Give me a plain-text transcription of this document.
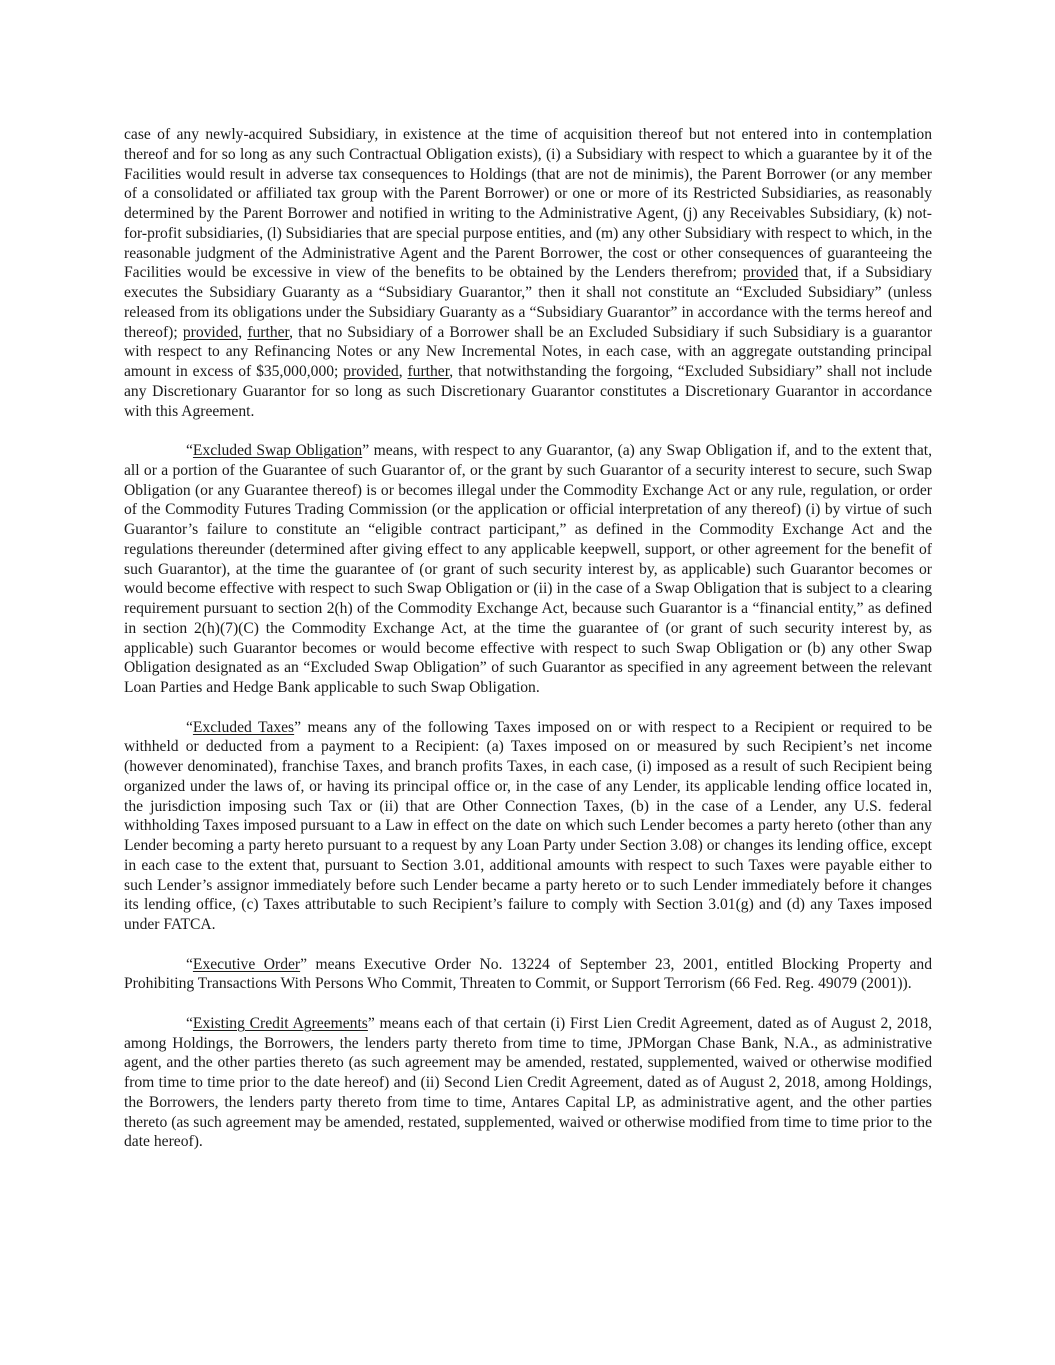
case of any newly-acquired Subsidiary, in existence at the time of acquisition thereof but not entered into in contemplation thereof and for so long as any such Contractual Obligation exists), (i) a Subsidiary with respect to which a guarantee by it of the Facilities would result in adverse tax consequences to Holdings (that are not de minimis), the Parent Borrower (or any member of a consolidated or affiliated tax group with the Parent Borrower) or one or more of its Restricted Subsidiaries, as reasonably determined by the Parent Borrower and notified in writing to the Administrative Agent, (j) any Receivables Subsidiary, (k) not-for-profit subsidiaries, (l) Subsidiaries that are special purpose entities, and (m) any other Subsidiary with respect to which, in the reasonable judgment of the Administrative Agent and the Parent Borrower, the cost or other consequences of guaranteeing the Facilities would be excessive in view of the benefits to be obtained by the Lenders therefrom; provided that, if a Subsidiary executes the Subsidiary Guaranty as a “Subsidiary Guarantor,” then it shall not constitute an “Excluded Subsidiary” (unless released from its obligations under the Subsidiary Guaranty as a “Subsidiary Guarantor” in accordance with the terms hereof and thereof); provided, further, that no Subsidiary of a Borrower shall be an Excluded Subsidiary if such Subsidiary is a guarantor with respect to any Refinancing Notes or any New Incremental Notes, in each case, with an aggregate outstanding principal amount in excess of $35,000,000; provided, further, that notwithstanding the forgoing, “Excluded Subsidiary” shall not include any Discretionary Guarantor for so long as such Discretionary Guarantor constitutes a Discretionary Guarantor in accordance with this Agreement.

“Excluded Swap Obligation” means, with respect to any Guarantor, (a) any Swap Obligation if, and to the extent that, all or a portion of the Guarantee of such Guarantor of, or the grant by such Guarantor of a security interest to secure, such Swap Obligation (or any Guarantee thereof) is or becomes illegal under the Commodity Exchange Act or any rule, regulation, or order of the Commodity Futures Trading Commission (or the application or official interpretation of any thereof) (i) by virtue of such Guarantor’s failure to constitute an “eligible contract participant,” as defined in the Commodity Exchange Act and the regulations thereunder (determined after giving effect to any applicable keepwell, support, or other agreement for the benefit of such Guarantor), at the time the guarantee of (or grant of such security interest by, as applicable) such Guarantor becomes or would become effective with respect to such Swap Obligation or (ii) in the case of a Swap Obligation that is subject to a clearing requirement pursuant to section 2(h) of the Commodity Exchange Act, because such Guarantor is a “financial entity,” as defined in section 2(h)(7)(C) the Commodity Exchange Act, at the time the guarantee of (or grant of such security interest by, as applicable) such Guarantor becomes or would become effective with respect to such Swap Obligation or (b) any other Swap Obligation designated as an “Excluded Swap Obligation” of such Guarantor as specified in any agreement between the relevant Loan Parties and Hedge Bank applicable to such Swap Obligation.

“Excluded Taxes” means any of the following Taxes imposed on or with respect to a Recipient or required to be withheld or deducted from a payment to a Recipient: (a) Taxes imposed on or measured by such Recipient’s net income (however denominated), franchise Taxes, and branch profits Taxes, in each case, (i) imposed as a result of such Recipient being organized under the laws of, or having its principal office or, in the case of any Lender, its applicable lending office located in, the jurisdiction imposing such Tax or (ii) that are Other Connection Taxes, (b) in the case of a Lender, any U.S. federal withholding Taxes imposed pursuant to a Law in effect on the date on which such Lender becomes a party hereto (other than any Lender becoming a party hereto pursuant to a request by any Loan Party under Section 3.08) or changes its lending office, except in each case to the extent that, pursuant to Section 3.01, additional amounts with respect to such Taxes were payable either to such Lender’s assignor immediately before such Lender became a party hereto or to such Lender immediately before it changes its lending office, (c) Taxes attributable to such Recipient’s failure to comply with Section 3.01(g) and (d) any Taxes imposed under FATCA.

“Executive Order” means Executive Order No. 13224 of September 23, 2001, entitled Blocking Property and Prohibiting Transactions With Persons Who Commit, Threaten to Commit, or Support Terrorism (66 Fed. Reg. 49079 (2001)).

“Existing Credit Agreements” means each of that certain (i) First Lien Credit Agreement, dated as of August 2, 2018, among Holdings, the Borrowers, the lenders party thereto from time to time, JPMorgan Chase Bank, N.A., as administrative agent, and the other parties thereto (as such agreement may be amended, restated, supplemented, waived or otherwise modified from time to time prior to the date hereof) and (ii) Second Lien Credit Agreement, dated as of August 2, 2018, among Holdings, the Borrowers, the lenders party thereto from time to time, Antares Capital LP, as administrative agent, and the other parties thereto (as such agreement may be amended, restated, supplemented, waived or otherwise modified from time to time prior to the date hereof).
